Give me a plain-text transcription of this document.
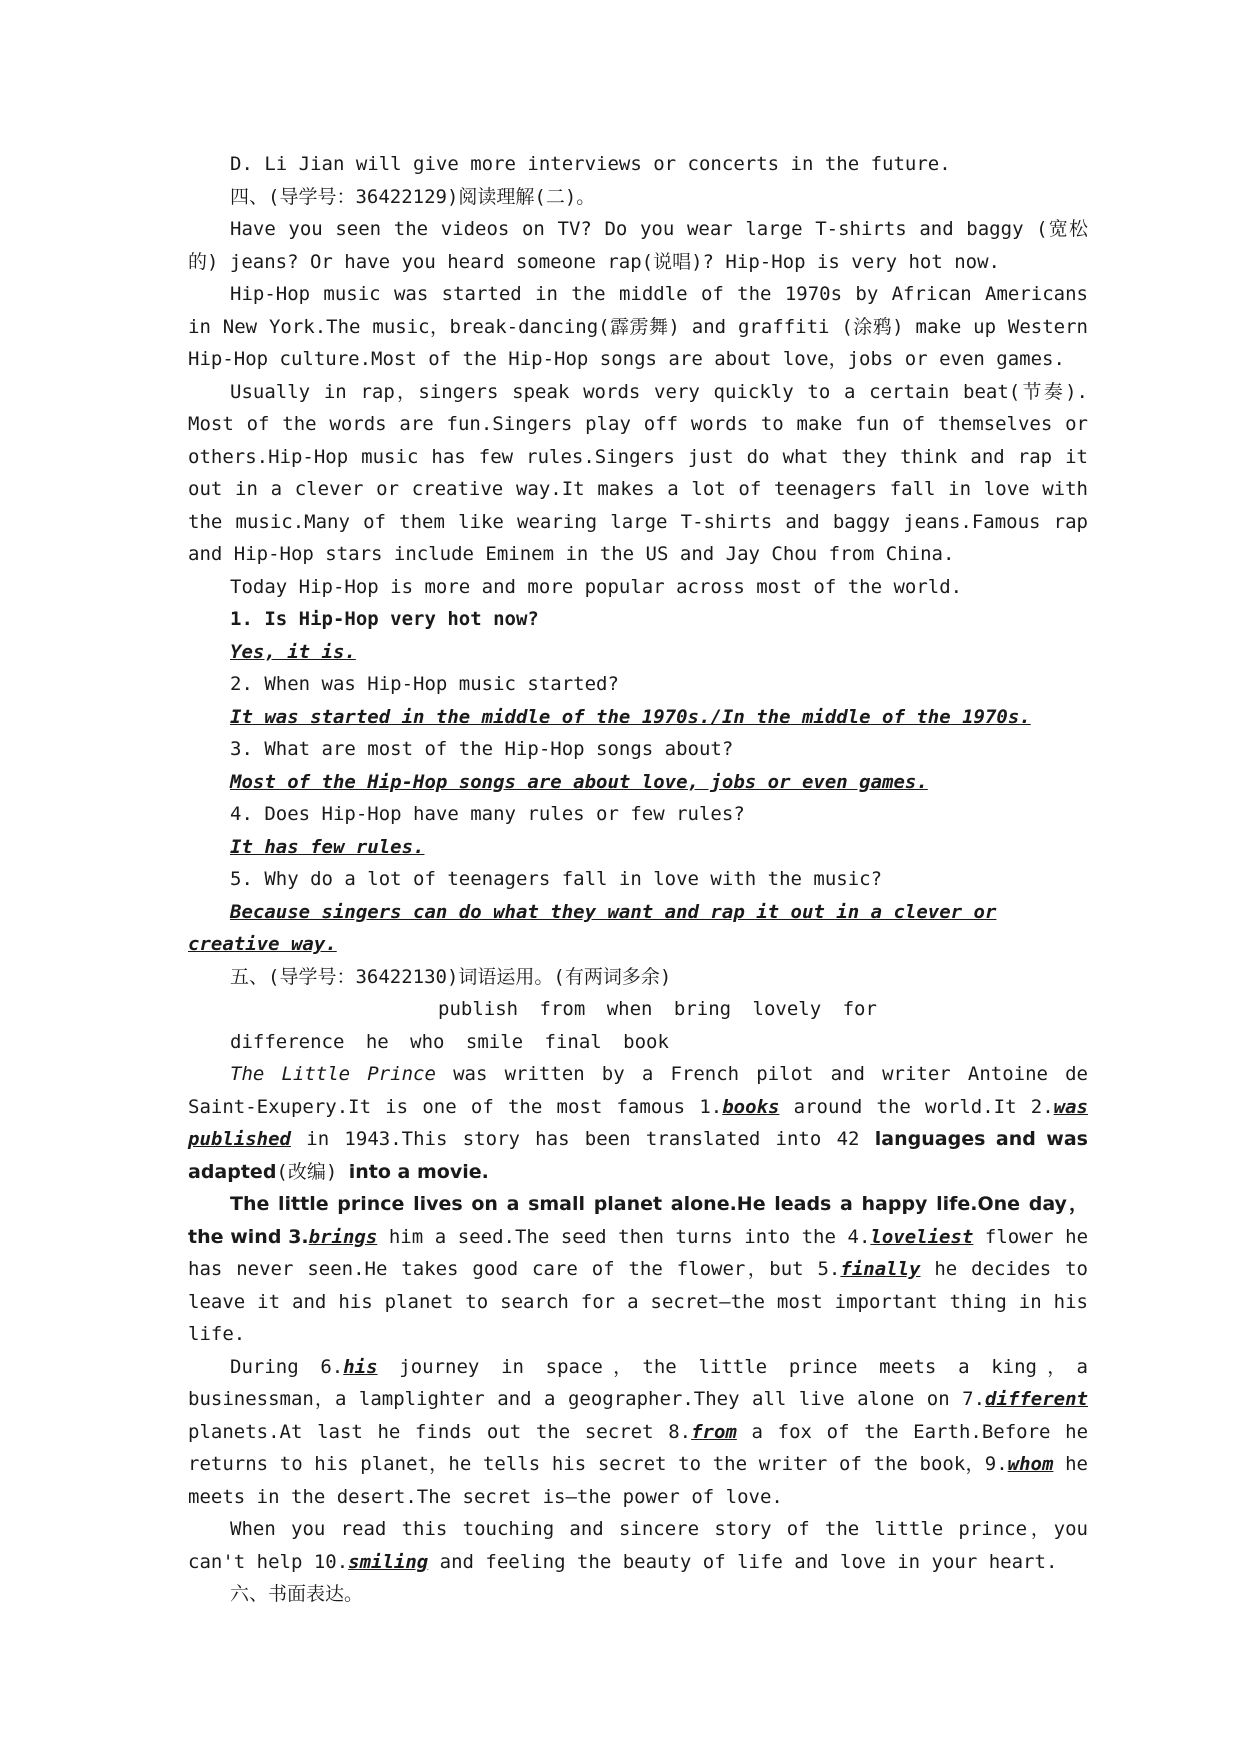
D. Li Jian will give more interviews or concerts in the future.

四、(导学号：36422129)阅读理解(二)。

Have you seen the videos on TV? Do you wear large T-shirts and baggy (宽松的) jeans? Or have you heard someone rap(说唱)? Hip-Hop is very hot now.

Hip-Hop music was started in the middle of the 1970s by African Americans in New York.The music，break-dancing(霹雳舞) and graffiti (涂鸦) make up Western Hip-Hop culture.Most of the Hip-Hop songs are about love，jobs or even games.

Usually in rap，singers speak words very quickly to a certain beat(节奏). Most of the words are fun.Singers play off words to make fun of themselves or others.Hip-Hop music has few rules.Singers just do what they think and rap it out in a clever or creative way.It makes a lot of teenagers fall in love with the music.Many of them like wearing large T-shirts and baggy jeans.Famous rap and Hip-Hop stars include Eminem in the US and Jay Chou from China.

Today Hip-Hop is more and more popular across most of the world.

1. Is Hip-Hop very hot now?

Yes, it is.

2. When was Hip-Hop music started?

It was started in the middle of the 1970s./In the middle of the 1970s.

3. What are most of the Hip-Hop songs about?

Most of the Hip-Hop songs are about love, jobs or even games.

4. Does Hip-Hop have many rules or few rules?

It has few rules.

5. Why do a lot of teenagers fall in love with the music?

Because singers can do what they want and rap it out in a clever or creative way.

五、(导学号：36422130)词语运用。(有两词多余)

publish from when bring lovely for

difference he who smile final book

The Little Prince was written by a French pilot and writer Antoine de Saint-Exupery.It is one of the most famous 1.books around the world.It 2.was published in 1943.This story has been translated into 42 languages and was adapted(改编) into a movie.

The little prince lives on a small planet alone.He leads a happy life.One day，the wind 3.brings him a seed.The seed then turns into the 4.loveliest flower he has never seen.He takes good care of the flower，but 5.finally he decides to leave it and his planet to search for a secret—the most important thing in his life.

During 6.his journey in space，the little prince meets a king，a businessman，a lamplighter and a geographer.They all live alone on 7.different planets.At last he finds out the secret 8.from a fox of the Earth.Before he returns to his planet，he tells his secret to the writer of the book，9.whom he meets in the desert.The secret is—the power of love.

When you read this touching and sincere story of the little prince，you can't help 10.smiling and feeling the beauty of life and love in your heart.

六、书面表达。
